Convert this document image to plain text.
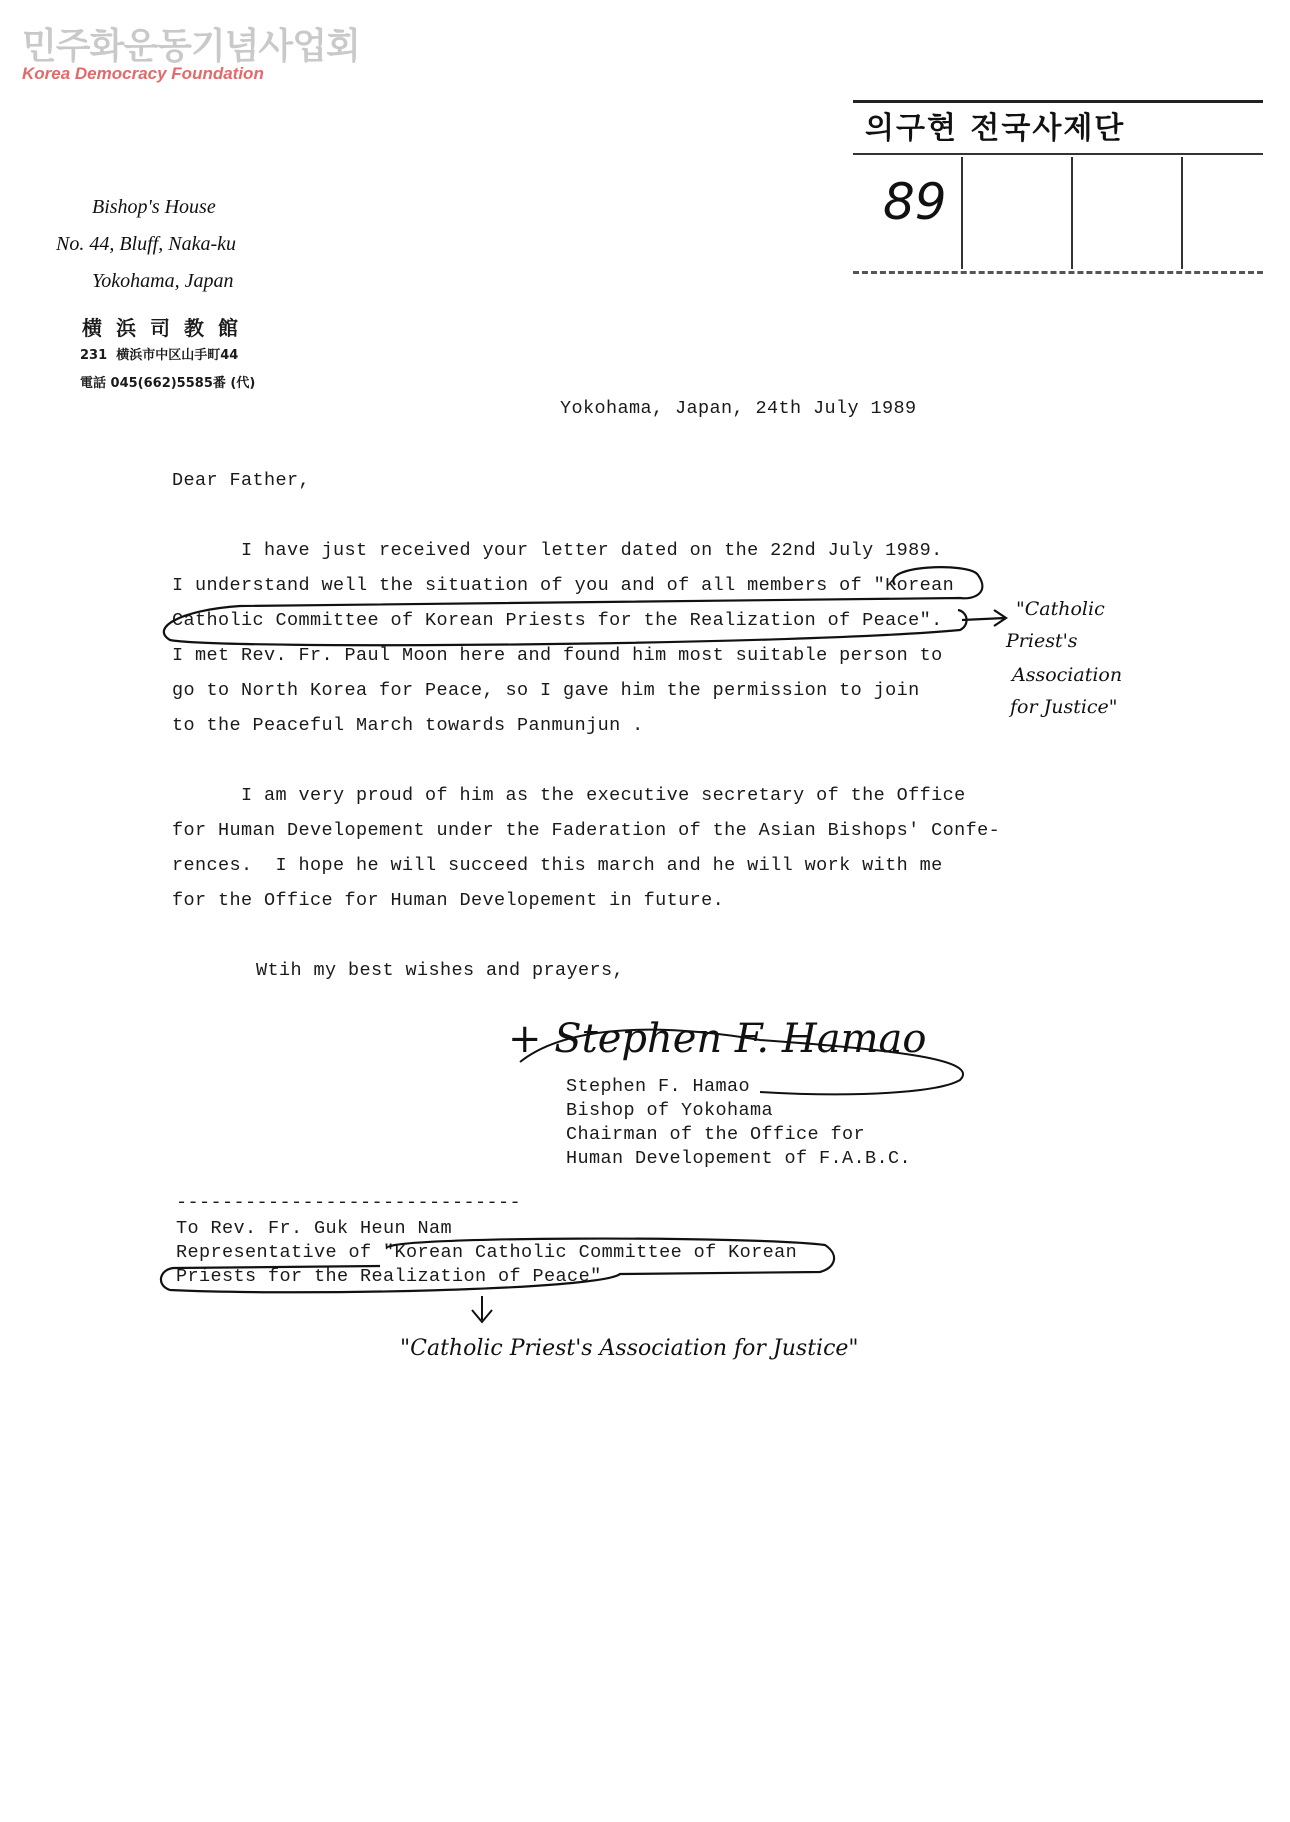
민주화운동기념사업회
Korea Democracy Foundation

의구현 전국사제단

89

Bishop's House
No. 44, Bluff, Naka-ku
Yokohama, Japan
横浜司教館
231  横浜市中区山手町44
電話 045(662)5585番 (代)
Yokohama, Japan, 24th July 1989
Dear Father,
I have just received your letter dated on the 22nd July 1989.
I understand well the situation of you and of all members of "Korean
Catholic Committee of Korean Priests for the Realization of Peace".
I met Rev. Fr. Paul Moon here and found him most suitable person to
go to North Korea for Peace, so I gave him the permission to join
to the Peaceful March towards Panmunjun .
I am very proud of him as the executive secretary of the Office
for Human Developement under the Faderation of the Asian Bishops' Confe-
rences.  I hope he will succeed this march and he will work with me
for the Office for Human Developement in future.
Wtih my best wishes and prayers,
+ Stephen F. Hamao
Stephen F. Hamao
Bishop of Yokohama
Chairman of the Office for
Human Developement of F.A.B.C.
------------------------------
To Rev. Fr. Guk Heun Nam
Representative of "Korean Catholic Committee of Korean
Priests for the Realization of Peace"
"Catholic
Priest's
Association
for Justice"
"Catholic Priest's Association for Justice"
